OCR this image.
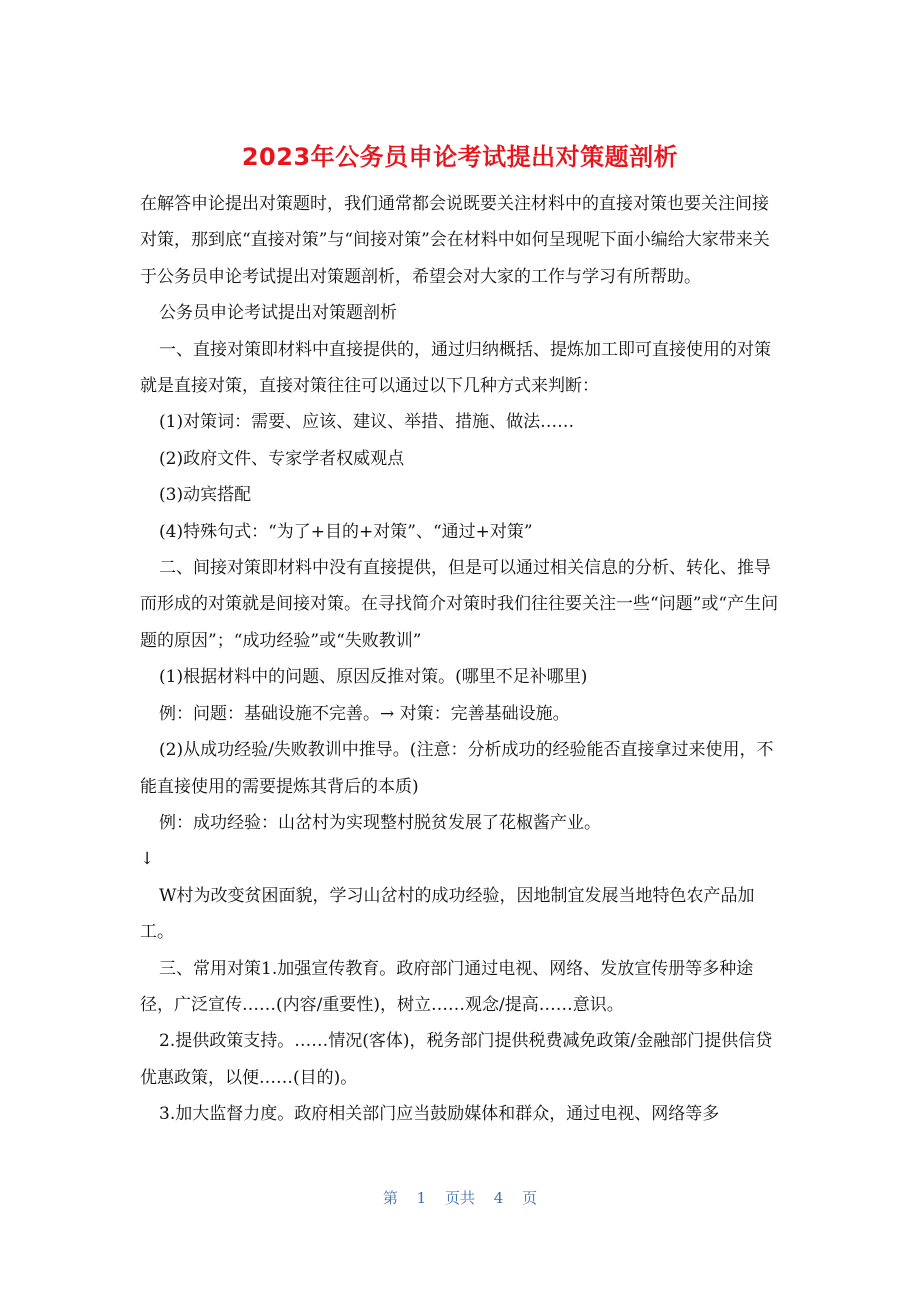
2023年公务员申论考试提出对策题剖析

在解答申论提出对策题时，我们通常都会说既要关注材料中的直接对策也要关注间接对策，那到底“直接对策”与“间接对策”会在材料中如何呈现呢下面小编给大家带来关于公务员申论考试提出对策题剖析，希望会对大家的工作与学习有所帮助。

公务员申论考试提出对策题剖析

一、直接对策即材料中直接提供的，通过归纳概括、提炼加工即可直接使用的对策就是直接对策，直接对策往往可以通过以下几种方式来判断：

(1)对策词：需要、应该、建议、举措、措施、做法……

(2)政府文件、专家学者权威观点

(3)动宾搭配

(4)特殊句式：“为了+目的+对策”、“通过+对策”

二、间接对策即材料中没有直接提供，但是可以通过相关信息的分析、转化、推导而形成的对策就是间接对策。在寻找简介对策时我们往往要关注一些“问题”或“产生问题的原因”；“成功经验”或“失败教训”

(1)根据材料中的问题、原因反推对策。(哪里不足补哪里)

例：问题：基础设施不完善。→ 对策：完善基础设施。

(2)从成功经验/失败教训中推导。(注意：分析成功的经验能否直接拿过来使用，不能直接使用的需要提炼其背后的本质)

例：成功经验：山岔村为实现整村脱贫发展了花椒酱产业。

↓

W村为改变贫困面貌，学习山岔村的成功经验，因地制宜发展当地特色农产品加工。

三、常用对策1.加强宣传教育。政府部门通过电视、网络、发放宣传册等多种途径，广泛宣传……(内容/重要性)，树立……观念/提高……意识。

2.提供政策支持。……情况(客体)，税务部门提供税费减免政策/金融部门提供信贷优惠政策，以便……(目的)。

3.加大监督力度。政府相关部门应当鼓励媒体和群众，通过电视、网络等多

第 1 页共 4 页
